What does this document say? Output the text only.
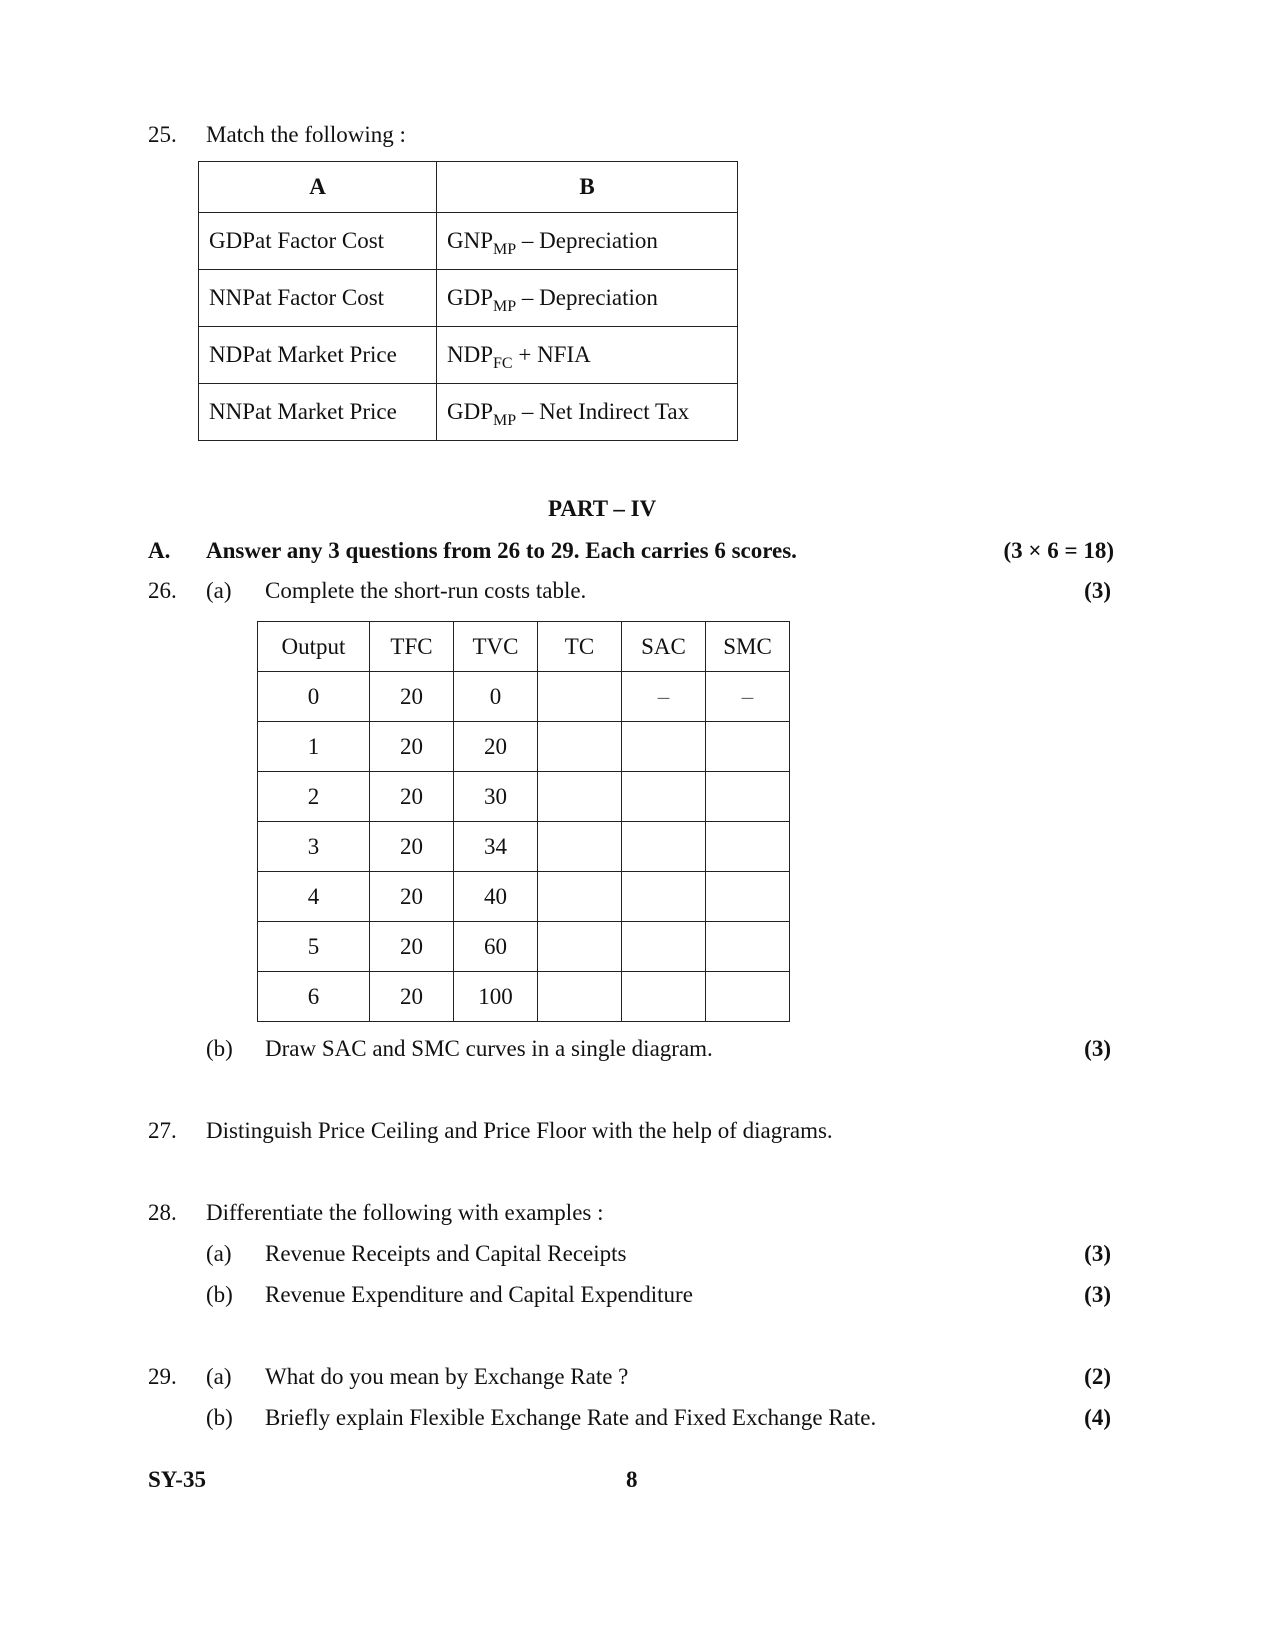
25. Match the following :
A	B
GDPat Factor Cost	$GNP_{MP}$ – Depreciation
NNPat Factor Cost	$GDP_{MP}$ – Depreciation
NDPat Market Price	$NDP_{FC}$ + NFIA
NNPat Market Price	$GDP_{MP}$ – Net Indirect Tax
PART – IV
A. Answer any 3 questions from 26 to 29. Each carries 6 scores.	(3 × 6 = 18)
26. (a) Complete the short-run costs table.	(3)
Output	TFC	TVC	TC	SAC	SMC
0	20	0		–	–
1	20	20			
2	20	30			
3	20	34			
4	20	40			
5	20	60			
6	20	100			
(b) Draw SAC and SMC curves in a single diagram.	(3)
27. Distinguish Price Ceiling and Price Floor with the help of diagrams.
28. Differentiate the following with examples :
(a) Revenue Receipts and Capital Receipts	(3)
(b) Revenue Expenditure and Capital Expenditure	(3)
29. (a) What do you mean by Exchange Rate ?	(2)
(b) Briefly explain Flexible Exchange Rate and Fixed Exchange Rate.	(4)
SY-35	8
